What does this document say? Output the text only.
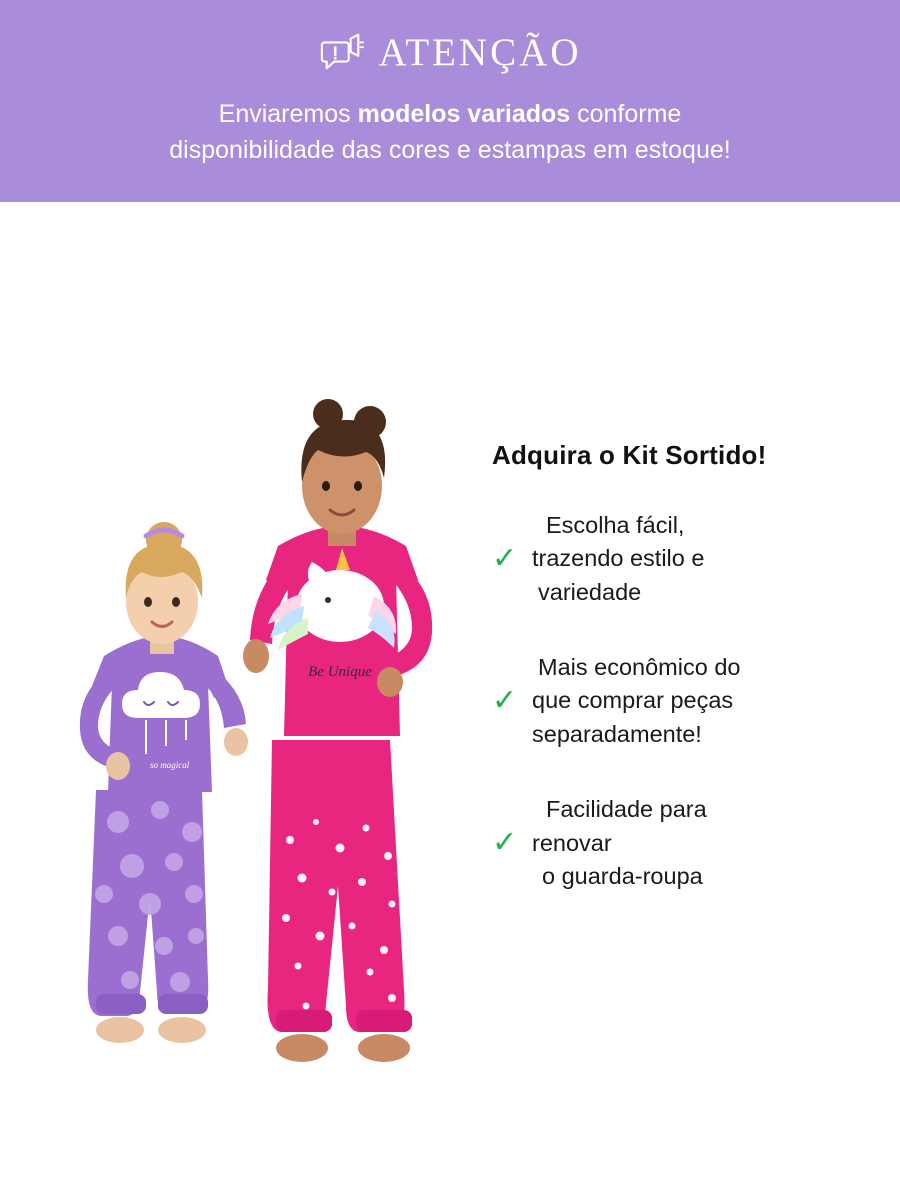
ATENÇÃO
Enviaremos modelos variados conforme
disponibilidade das cores e estampas em estoque!
Be Unique
so magical
Adquira o Kit Sortido!
✓
Escolha fácil,
trazendo estilo e
variedade
✓
Mais econômico do
que comprar peças
separadamente!
✓
Facilidade para
renovar
o guarda-roupa
